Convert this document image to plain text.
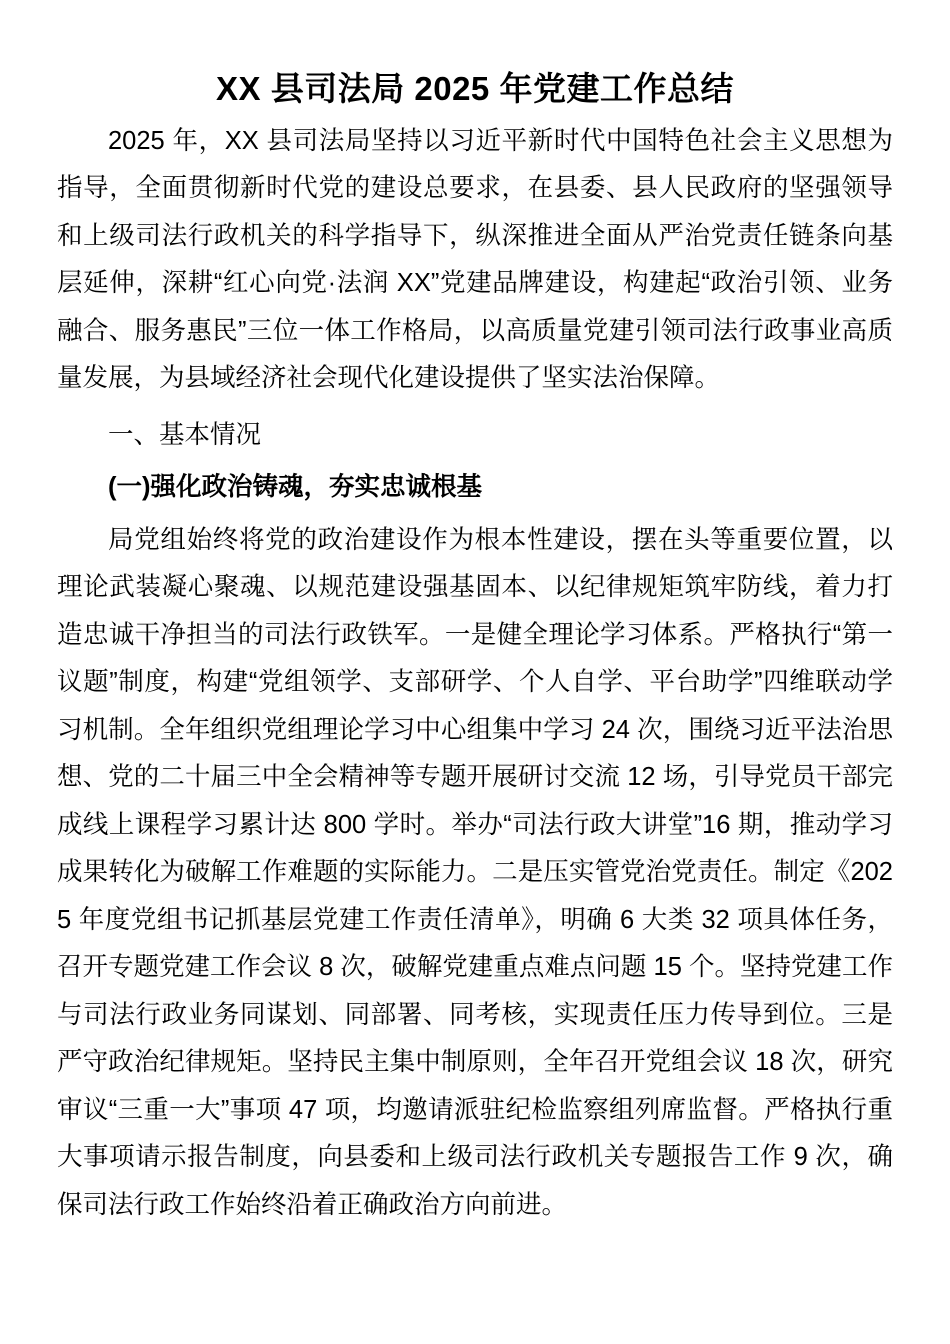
XX 县司法局 2025 年党建工作总结

2025 年，XX 县司法局坚持以习近平新时代中国特色社会主义思想为指导，全面贯彻新时代党的建设总要求，在县委、县人民政府的坚强领导和上级司法行政机关的科学指导下，纵深推进全面从严治党责任链条向基层延伸，深耕“红心向党·法润 XX”党建品牌建设，构建起“政治引领、业务融合、服务惠民”三位一体工作格局，以高质量党建引领司法行政事业高质量发展，为县域经济社会现代化建设提供了坚实法治保障。

一、基本情况

(一)强化政治铸魂，夯实忠诚根基

局党组始终将党的政治建设作为根本性建设，摆在头等重要位置，以理论武装凝心聚魂、以规范建设强基固本、以纪律规矩筑牢防线，着力打造忠诚干净担当的司法行政铁军。一是健全理论学习体系。严格执行“第一议题”制度，构建“党组领学、支部研学、个人自学、平台助学”四维联动学习机制。全年组织党组理论学习中心组集中学习 24 次，围绕习近平法治思想、党的二十届三中全会精神等专题开展研讨交流 12 场，引导党员干部完成线上课程学习累计达 800 学时。举办“司法行政大讲堂”16 期，推动学习成果转化为破解工作难题的实际能力。二是压实管党治党责任。制定《2025 年度党组书记抓基层党建工作责任清单》，明确 6 大类 32 项具体任务，召开专题党建工作会议 8 次，破解党建重点难点问题 15 个。坚持党建工作与司法行政业务同谋划、同部署、同考核，实现责任压力传导到位。三是严守政治纪律规矩。坚持民主集中制原则，全年召开党组会议 18 次，研究审议“三重一大”事项 47 项，均邀请派驻纪检监察组列席监督。严格执行重大事项请示报告制度，向县委和上级司法行政机关专题报告工作 9 次，确保司法行政工作始终沿着正确政治方向前进。
